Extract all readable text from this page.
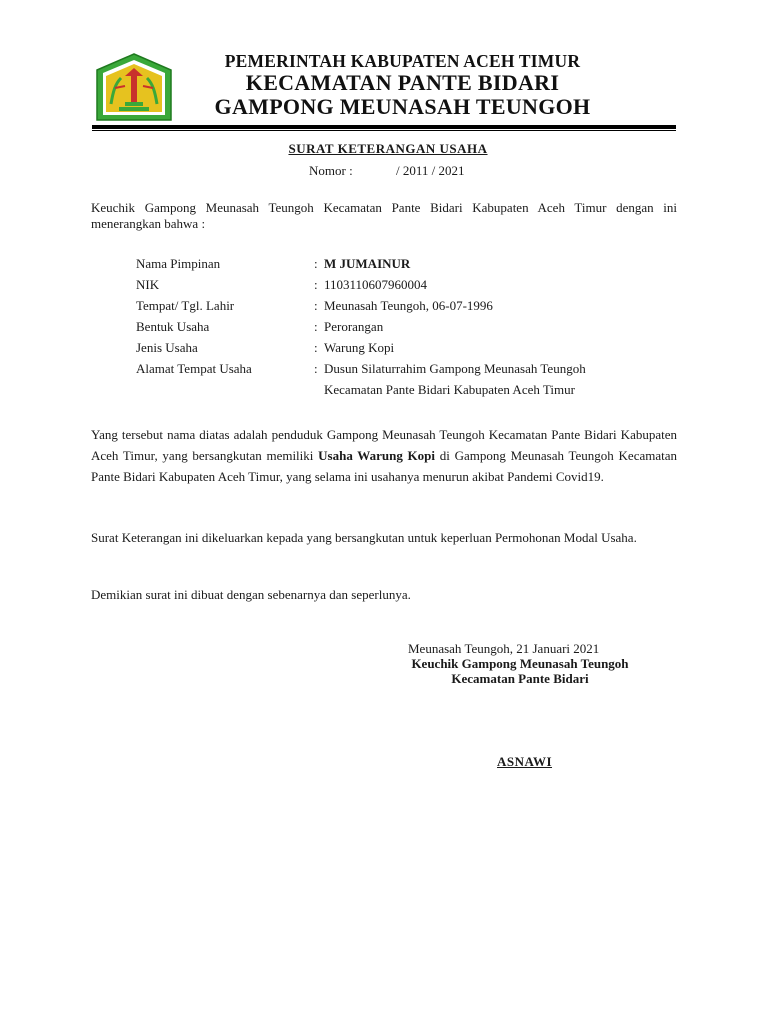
PEMERINTAH KABUPATEN ACEH TIMUR
KECAMATAN PANTE BIDARI
GAMPONG MEUNASAH TEUNGOH
SURAT KETERANGAN USAHA
Nomor :	/ 2011 / 2021
Keuchik Gampong Meunasah Teungoh Kecamatan Pante Bidari Kabupaten Aceh Timur dengan ini menerangkan bahwa :
Nama Pimpinan	: M JUMAINUR
NIK	: 1103110607960004
Tempat/ Tgl. Lahir	: Meunasah Teungoh, 06-07-1996
Bentuk Usaha	: Perorangan
Jenis Usaha	: Warung Kopi
Alamat Tempat Usaha	: Dusun Silaturrahim Gampong Meunasah Teungoh
Kecamatan Pante Bidari Kabupaten Aceh Timur
Yang tersebut nama diatas adalah penduduk Gampong Meunasah Teungoh Kecamatan Pante Bidari Kabupaten Aceh Timur, yang bersangkutan memiliki Usaha Warung Kopi di Gampong Meunasah Teungoh Kecamatan Pante Bidari Kabupaten Aceh Timur, yang selama ini usahanya menurun akibat Pandemi Covid19.
Surat Keterangan ini dikeluarkan kepada yang bersangkutan untuk keperluan Permohonan Modal Usaha.
Demikian surat ini dibuat dengan sebenarnya dan seperlunya.
Meunasah Teungoh, 21 Januari 2021
Keuchik Gampong Meunasah Teungoh
Kecamatan Pante Bidari
ASNAWI
